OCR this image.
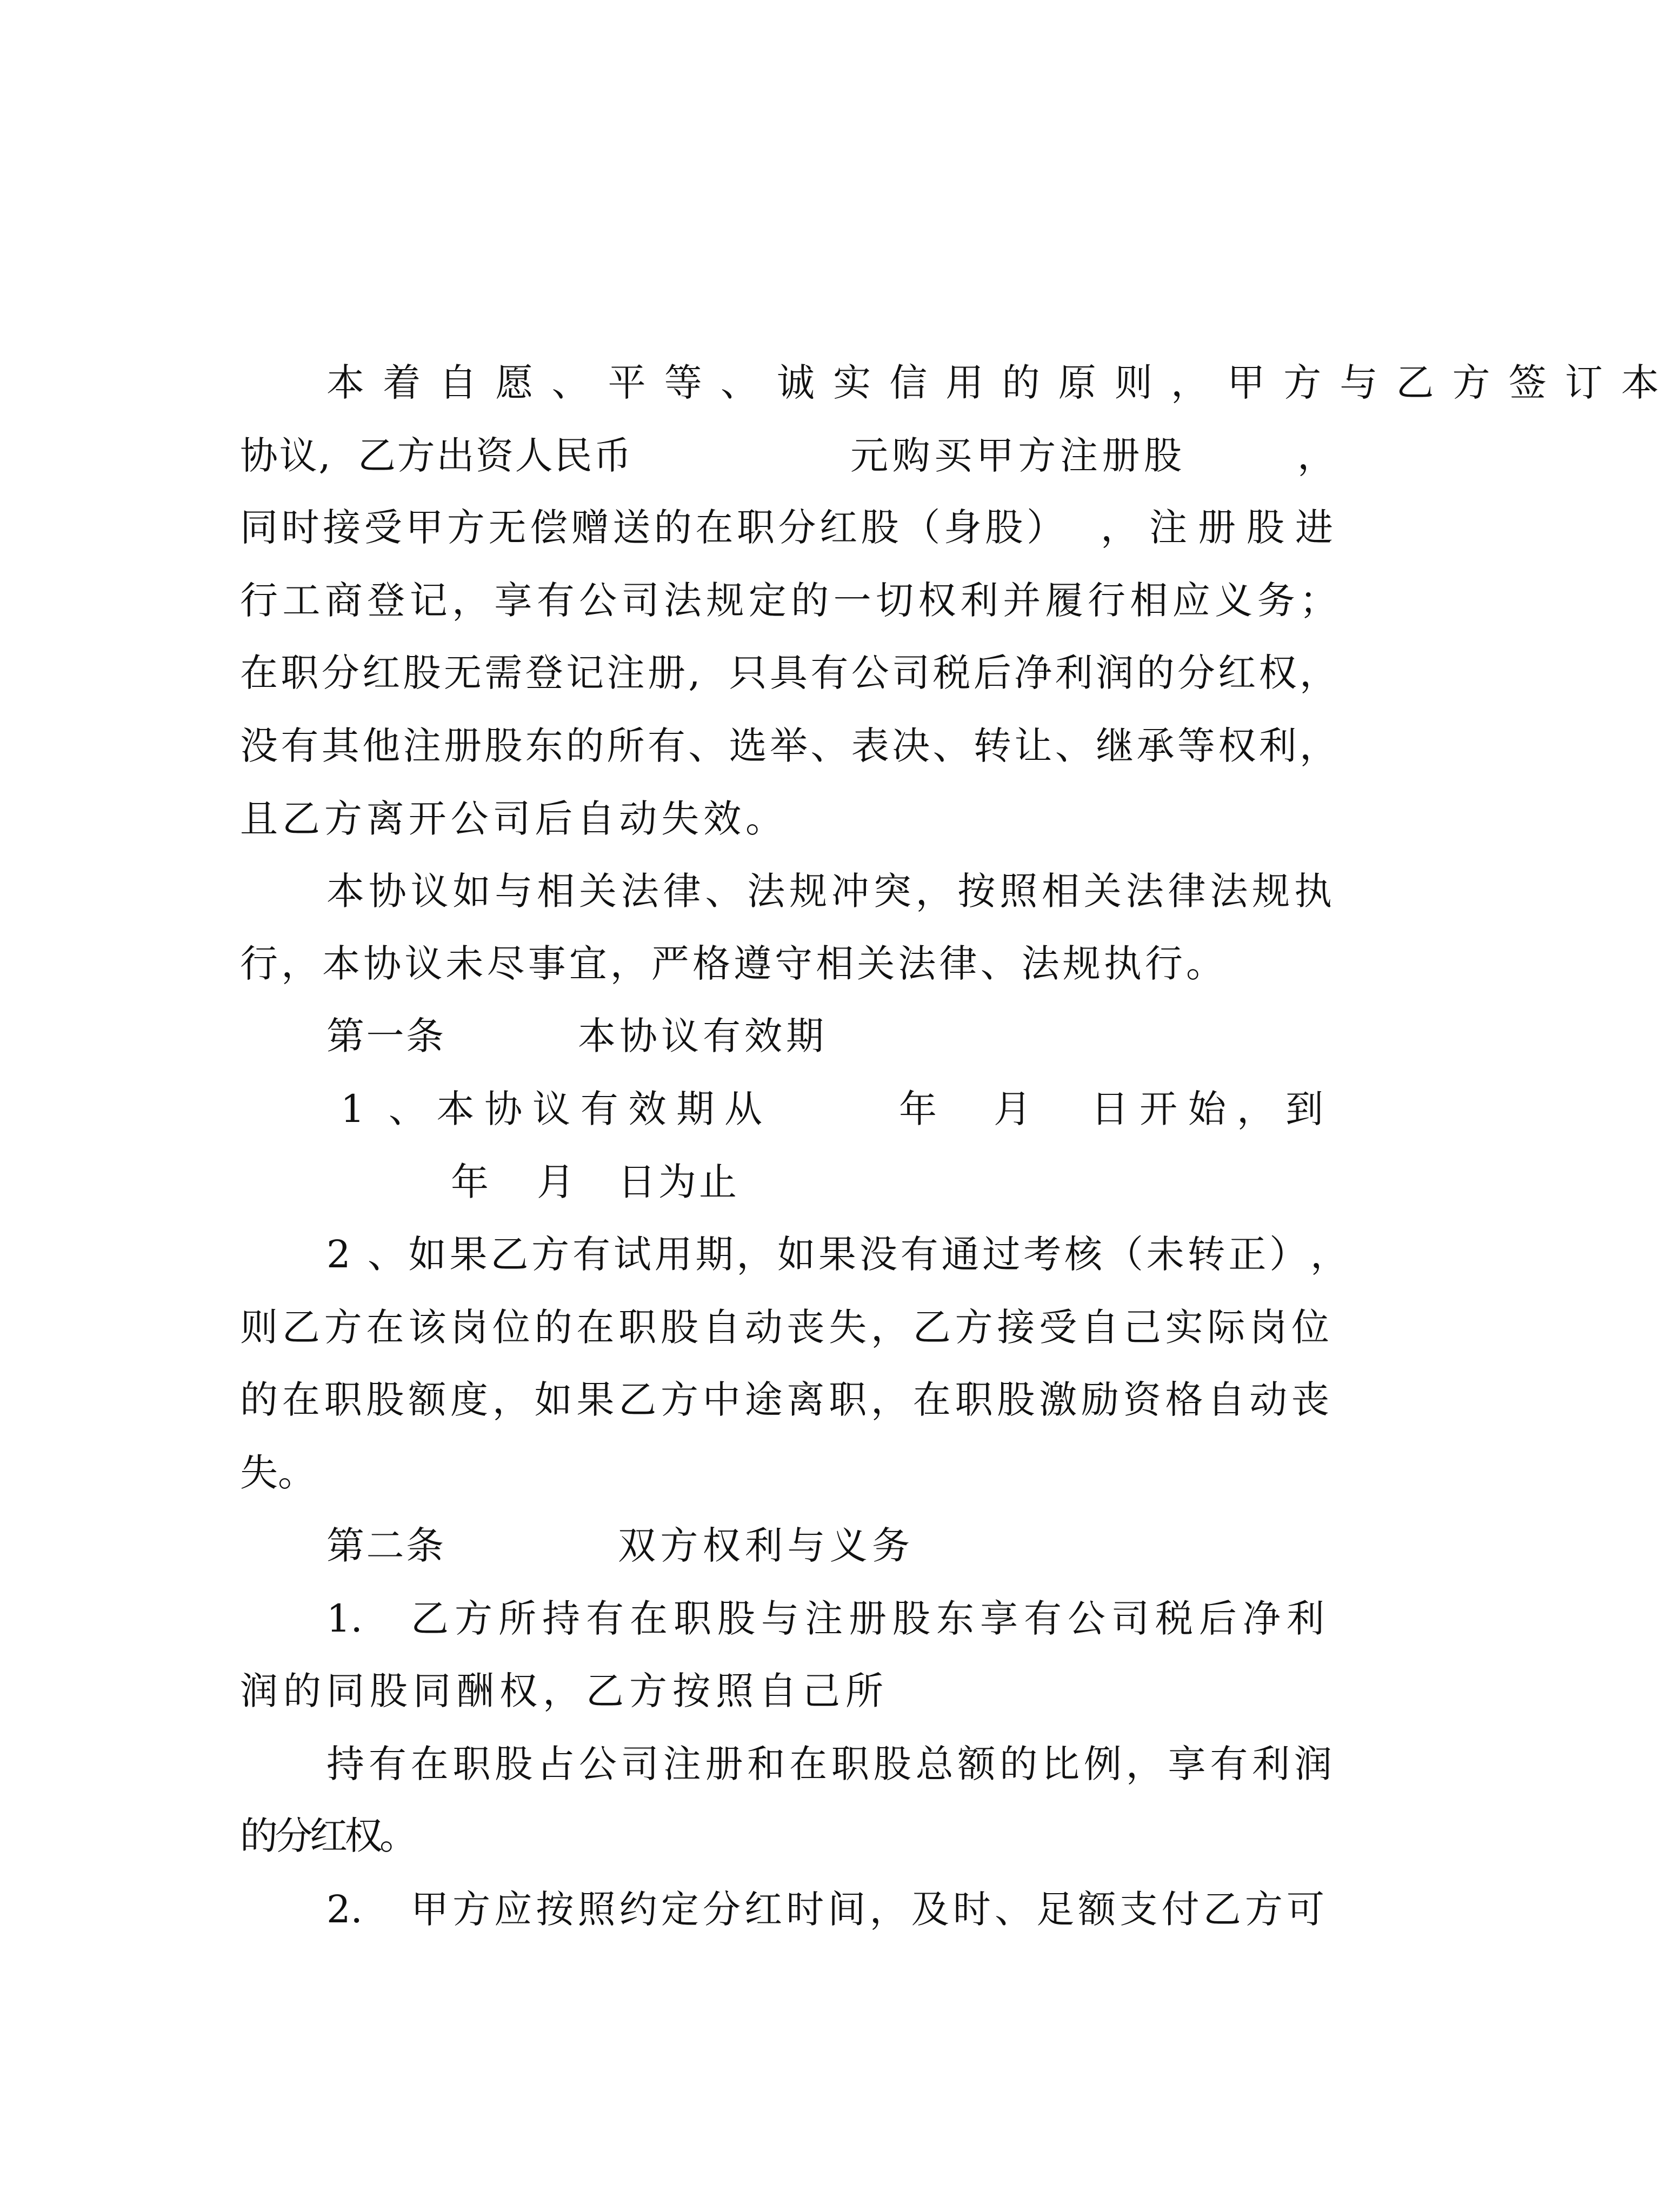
本 着 自 愿 、 平 等 、 诚 实 信 用 的 原 则 ， 甲 方 与 乙 方 签 订 本
协 议 , 乙 方 出 资 人 民 币	元 购 买 甲 方 注 册 股	，
同 时 接 受 甲 方 无 偿 赠 送 的 在 职 分 红 股 （ 身 股 ） ， 注 册 股 进
行 工 商 登 记 ， 享 有 公 司 法 规 定 的 一 切 权 利 并 履 行 相 应 义 务 ；
在 职 分 红 股 无 需 登 记 注 册 , 只 具 有 公 司 税 后 净 利 润 的 分 红 权 ，
没 有 其 他 注 册 股 东 的 所 有 、 选 举 、 表 决 、 转 让 、 继 承 等 权 利 ，
且 乙 方 离 开 公 司 后 自 动 失 效 。
本 协 议 如 与 相 关 法 律 、 法 规 冲 突 ， 按 照 相 关 法 律 法 规 执
行 ， 本 协 议 未 尽 事 宜 ， 严 格 遵 守 相 关 法 律 、 法 规 执 行 。
第 一 条	本 协 议 有 效 期
1 、 本 协 议 有 效 期 从	年 月 日 开 始 ， 到
年 月 日 为 止
2 、 如 果 乙 方 有 试 用 期 ， 如 果 没 有 通 过 考 核 （ 未 转 正 ） ，
则 乙 方 在 该 岗 位 的 在 职 股 自 动 丧 失 ， 乙 方 接 受 自 己 实 际 岗 位
的 在 职 股 额 度 ， 如 果 乙 方 中 途 离 职 ， 在 职 股 激 励 资 格 自 动 丧
失。
第 二 条	双 方 权 利 与 义 务
1. 乙 方 所 持 有 在 职 股 与 注 册 股 东 享 有 公 司 税 后 净 利
润 的 同 股 同 酬 权 ， 乙 方 按 照 自 己 所
持 有 在 职 股 占 公 司 注 册 和 在 职 股 总 额 的 比 例 ， 享 有 利 润
的
分
红
权
。
2. 甲 方 应 按 照 约 定 分 红 时 间 ， 及 时 、 足 额 支 付 乙 方 可
